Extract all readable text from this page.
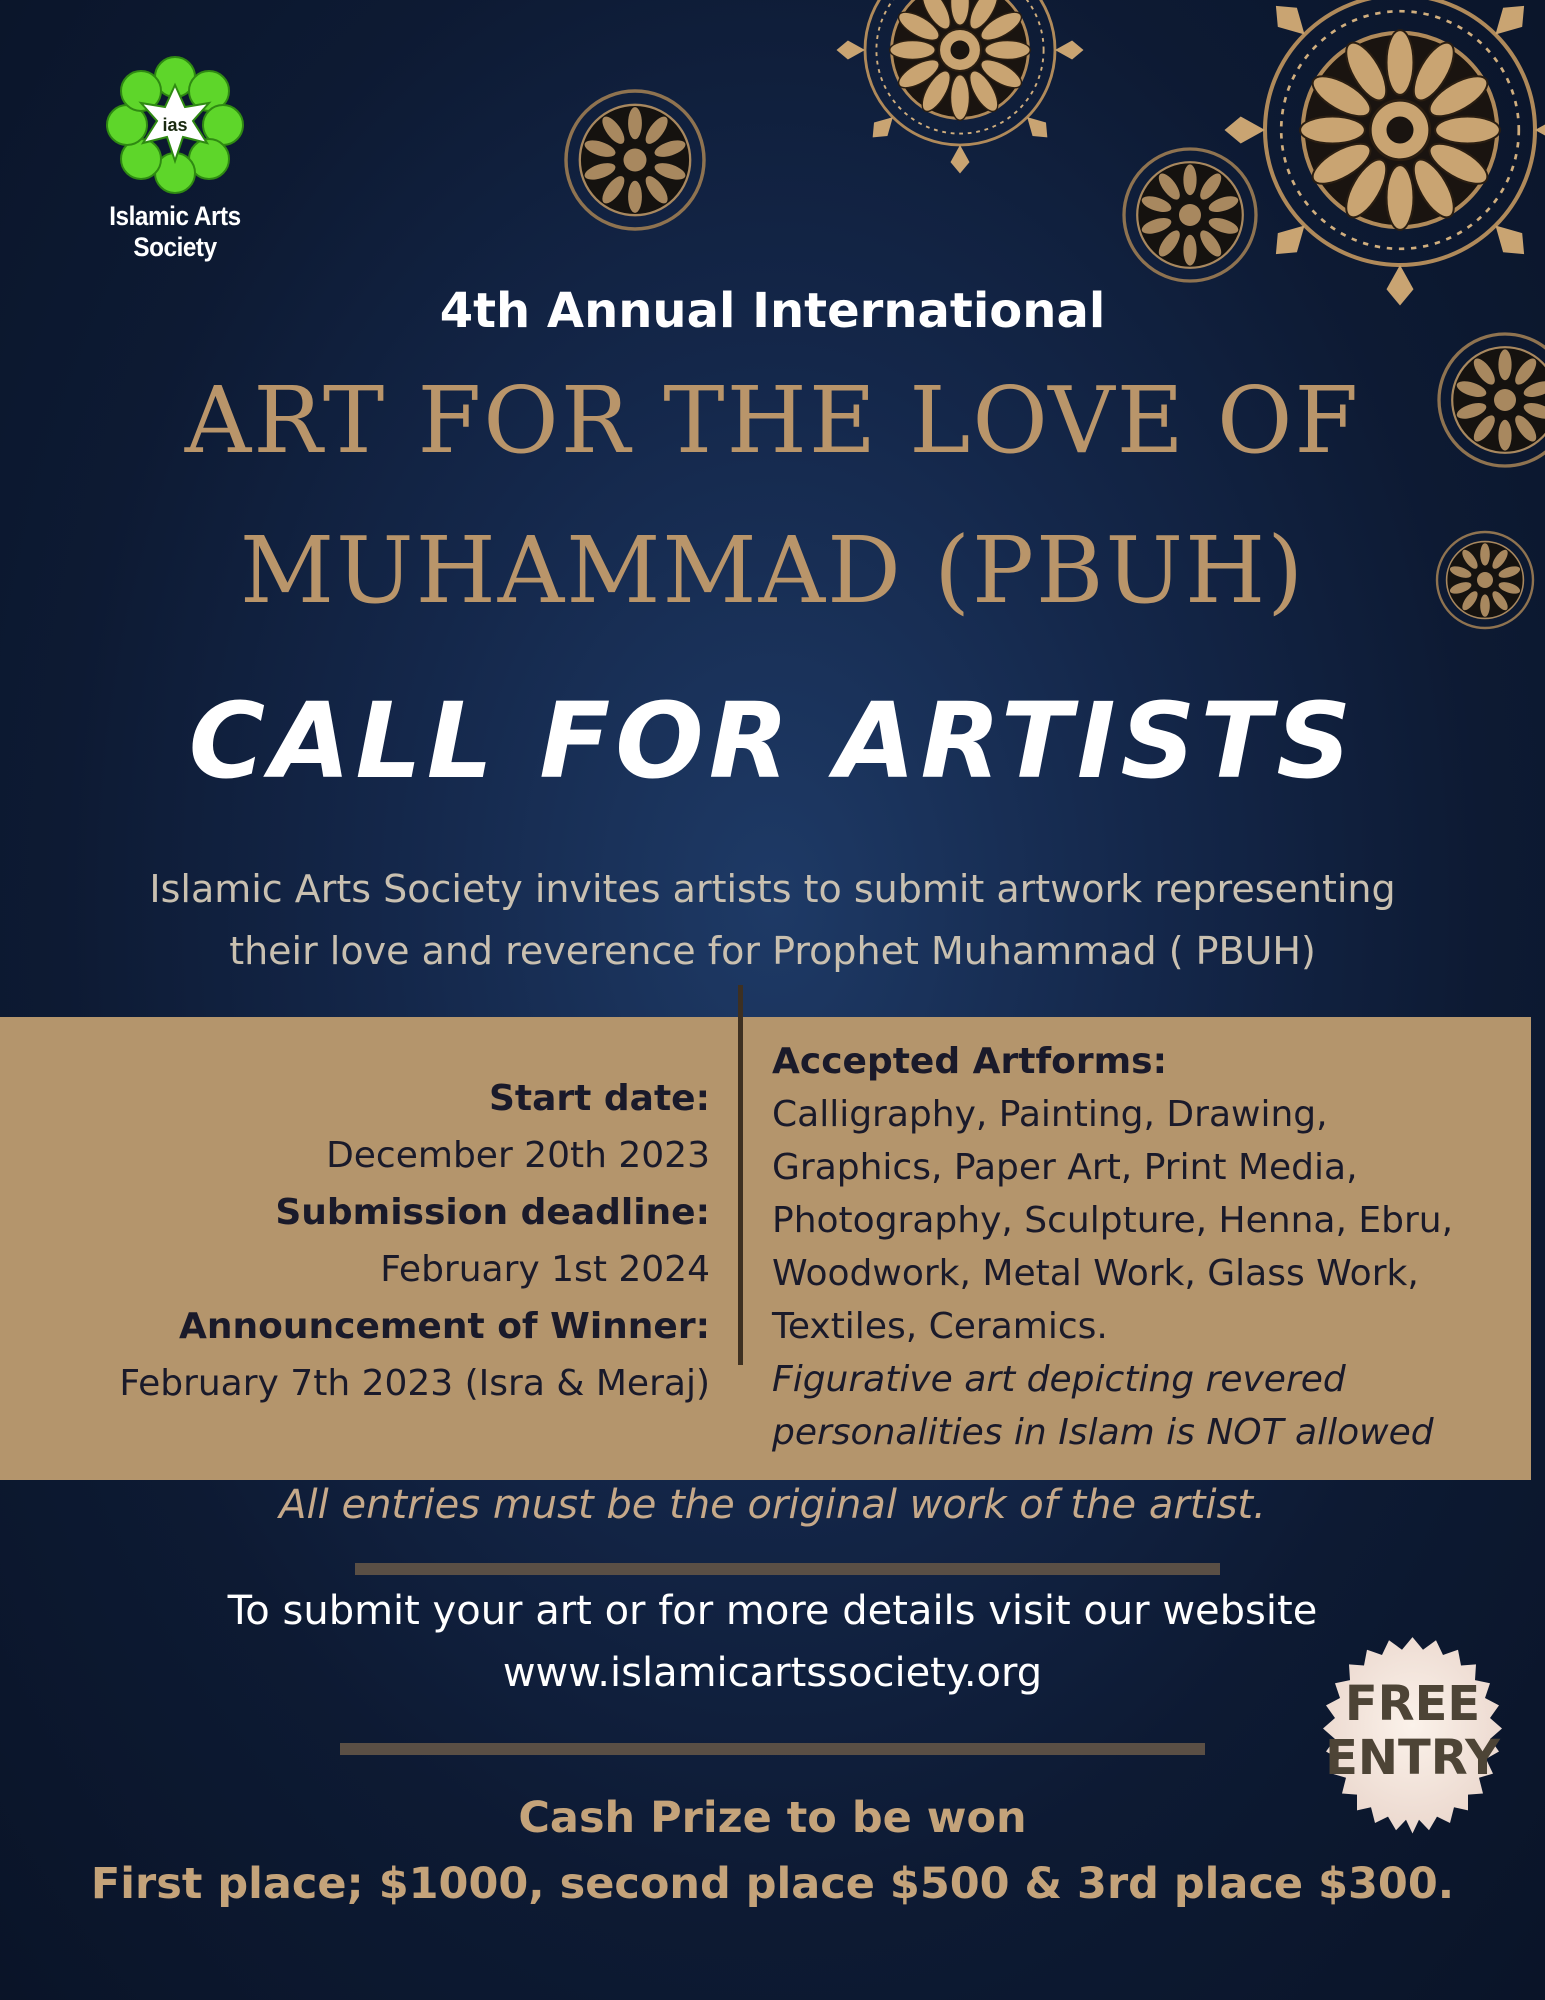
ias
Islamic Arts Society
4th Annual International
ART FOR THE LOVE OF
MUHAMMAD (PBUH)
CALL FOR ARTISTS
Islamic Arts Society invites artists to submit artwork representing
their love and reverence for Prophet Muhammad ( PBUH)
Start date:
December 20th 2023
Submission deadline:
February 1st 2024
Announcement of Winner:
February 7th 2023 (Isra & Meraj)
Accepted Artforms:
Calligraphy, Painting, Drawing,
Graphics, Paper Art, Print Media,
Photography, Sculpture, Henna, Ebru,
Woodwork, Metal Work, Glass Work,
Textiles, Ceramics.
Figurative art depicting revered
personalities in Islam is NOT allowed
All entries must be the original work of the artist.
To submit your art or for more details visit our website
www.islamicartssociety.org
Cash Prize to be won
First place; $1000, second place $500 & 3rd place $300.
FREE
ENTRY
